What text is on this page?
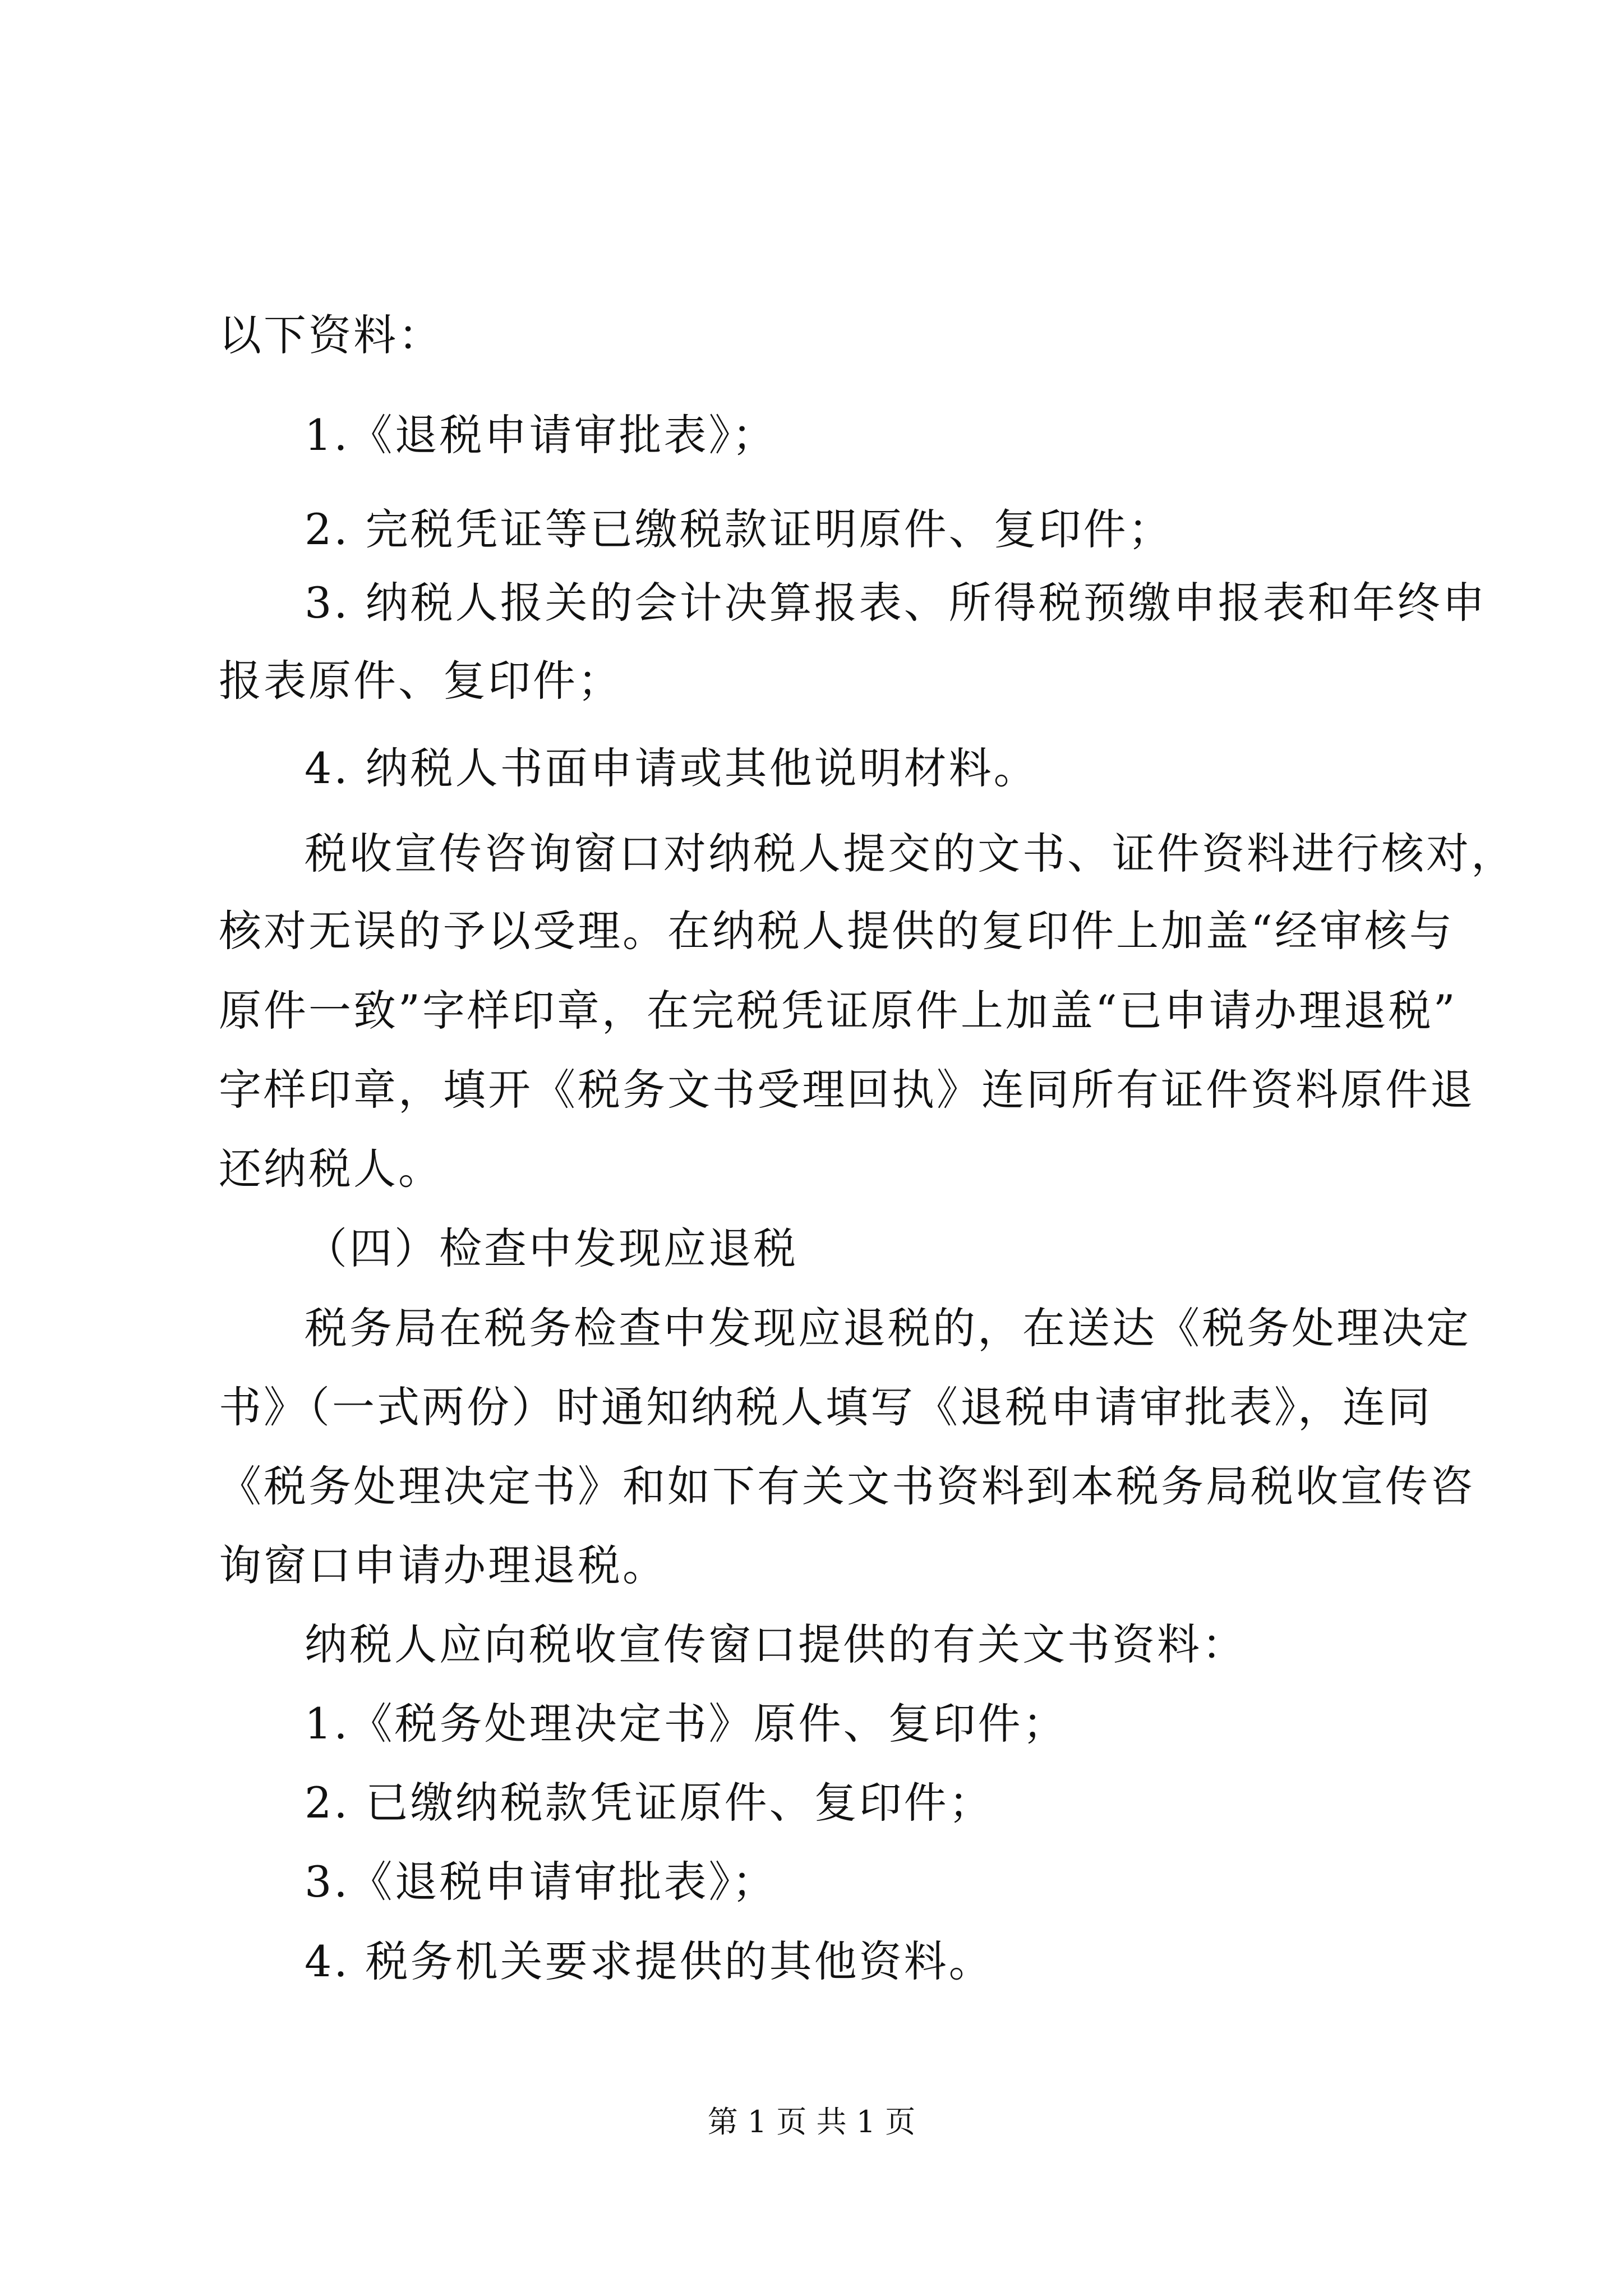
以下资料：
1.《退税申请审批表》；
2. 完税凭证等已缴税款证明原件、复印件；
3. 纳税人报关的会计决算报表、所得税预缴申报表和年终申
报表原件、复印件；
4. 纳税人书面申请或其他说明材料。
税收宣传咨询窗口对纳税人提交的文书、证件资料进行核对，
核对无误的予以受理。在纳税人提供的复印件上加盖“经审核与
原件一致”字样印章，在完税凭证原件上加盖“已申请办理退税”
字样印章，填开《税务文书受理回执》连同所有证件资料原件退
还纳税人。
（四）检查中发现应退税
税务局在税务检查中发现应退税的，在送达《税务处理决定
书》（一式两份）时通知纳税人填写《退税申请审批表》，连同
《税务处理决定书》和如下有关文书资料到本税务局税收宣传咨
询窗口申请办理退税。
纳税人应向税收宣传窗口提供的有关文书资料：
1.《税务处理决定书》原件、复印件；
2. 已缴纳税款凭证原件、复印件；
3.《退税申请审批表》；
4. 税务机关要求提供的其他资料。
第 1 页 共 1 页
